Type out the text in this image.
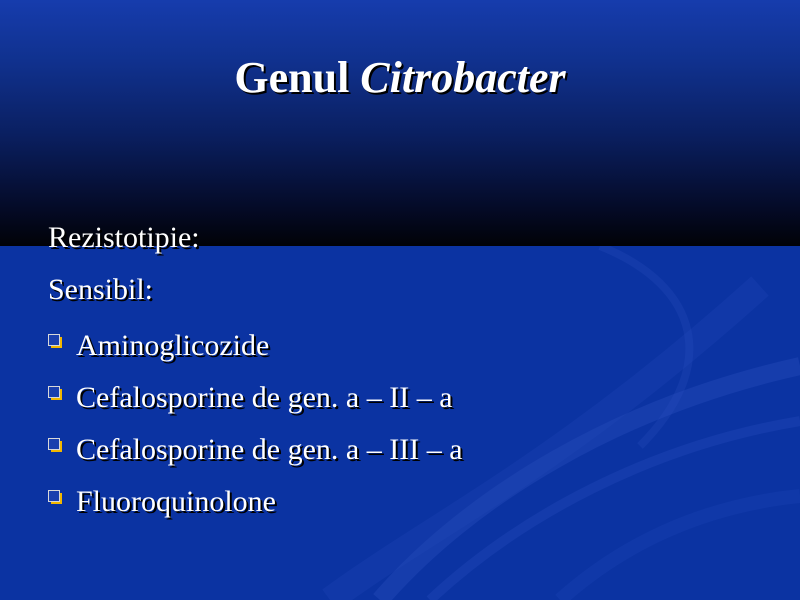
Genul Citrobacter
Rezistotipie:
Sensibil:
Aminoglicozide
Cefalosporine de gen. a – II – a
Cefalosporine de gen. a – III – a
Fluoroquinolone
